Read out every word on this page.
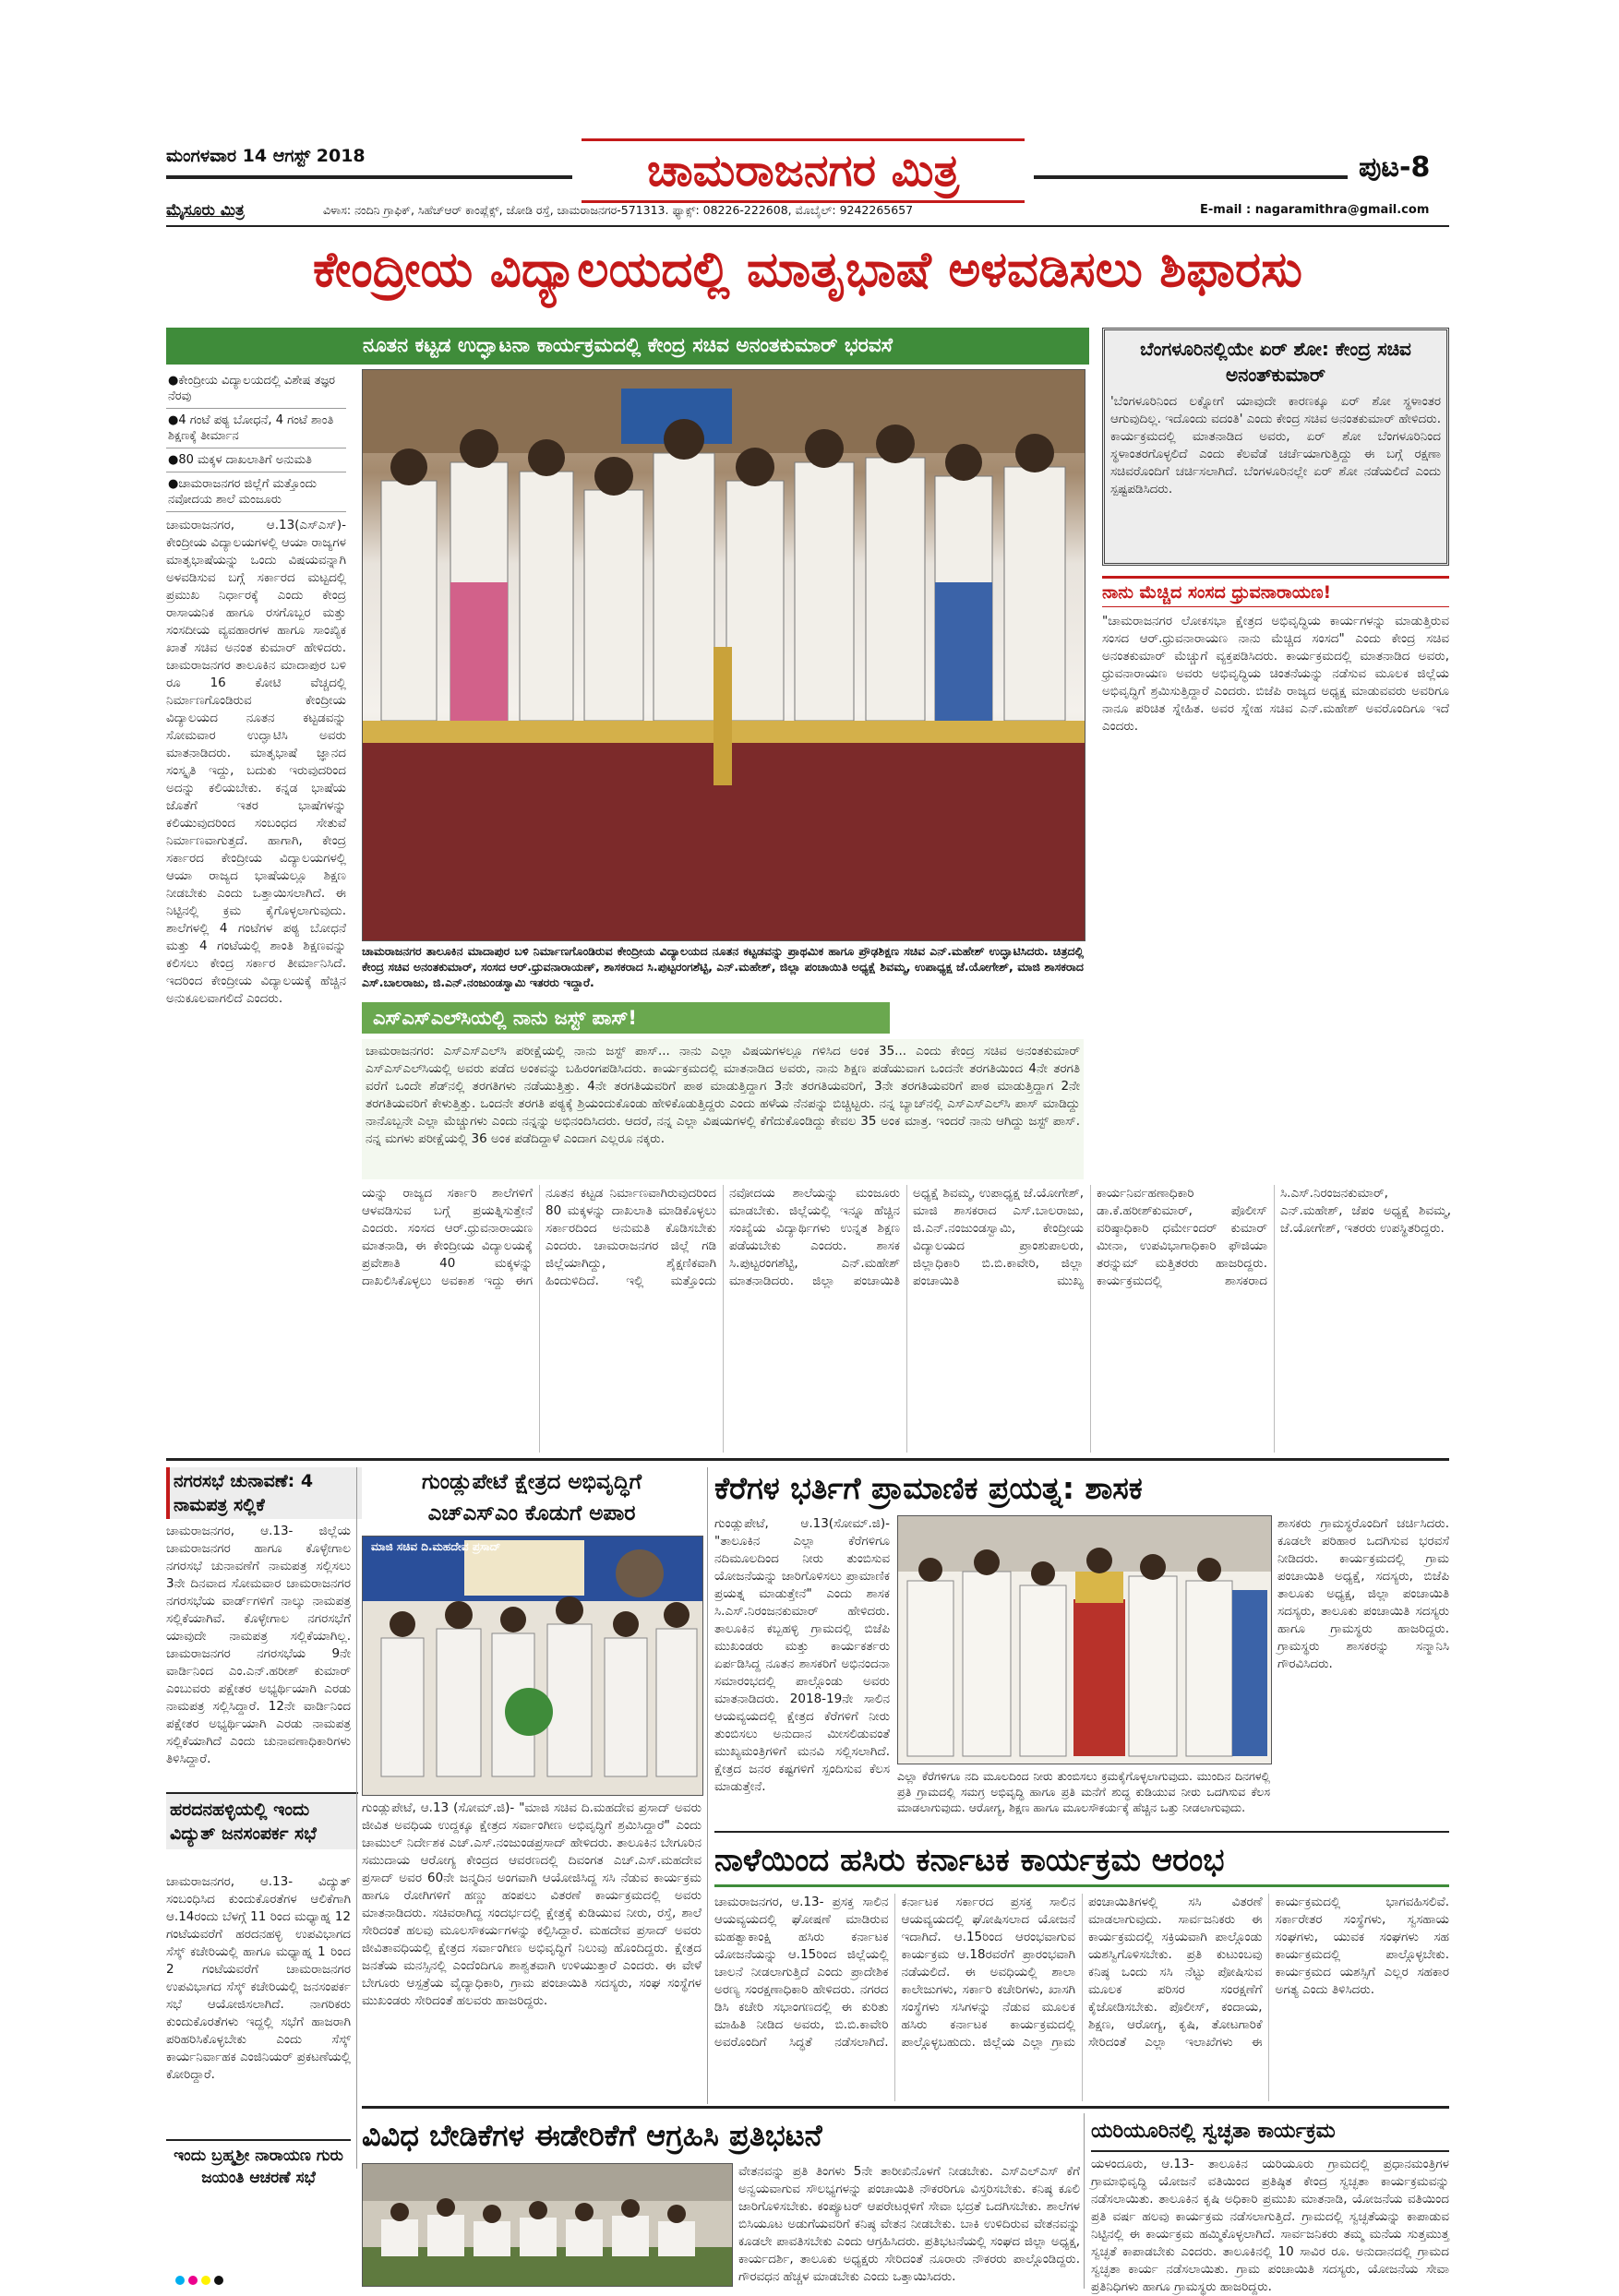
ಮಂಗಳವಾರ 14 ಆಗಸ್ಟ್ 2018	ಚಾಮರಾಜನಗರ ಮಿತ್ರ	ಪುಟ-8
ಮೈಸೂರು ಮಿತ್ರ	ವಿಳಾಸ: ನಂದಿನಿ ಗ್ರಾಫಿಕ್, ಸಿಹೆಚ್‍ಆರ್ ಕಾಂಪ್ಲೆಕ್ಸ್, ಜೋಡಿ ರಸ್ತೆ, ಚಾಮರಾಜನಗರ-571313. ಫ್ಯಾಕ್ಸ್: 08226-222608, ಮೊಬೈಲ್: 9242265657	E-mail : nagaramithra@gmail.com
ಕೇಂದ್ರೀಯ ವಿದ್ಯಾಲಯದಲ್ಲಿ ಮಾತೃಭಾಷೆ ಅಳವಡಿಸಲು ಶಿಫಾರಸು
ನೂತನ ಕಟ್ಟಡ ಉದ್ಘಾಟನಾ ಕಾರ್ಯಕ್ರಮದಲ್ಲಿ ಕೇಂದ್ರ ಸಚಿವ ಅನಂತಕುಮಾರ್ ಭರವಸೆ
●ಕೇಂದ್ರೀಯ ವಿದ್ಯಾಲಯದಲ್ಲಿ ವಿಶೇಷ ತಜ್ಞರ ನೆರವು
●4 ಗಂಟೆ ಪಠ್ಯ ಬೋಧನೆ, 4 ಗಂಟೆ ಶಾಂತಿ ಶಿಕ್ಷಣಕ್ಕೆ ತೀರ್ಮಾನ
●80 ಮಕ್ಕಳ ದಾಖಲಾತಿಗೆ ಅನುಮತಿ
●ಚಾಮರಾಜನಗರ ಜಿಲ್ಲೆಗೆ ಮತ್ತೊಂದು ನವೋದಯ ಶಾಲೆ ಮಂಜೂರು
ಚಾಮರಾಜನಗರ, ಆ.13(ಎಸ್‍ಎಸ್)- ಕೇಂದ್ರೀಯ ವಿದ್ಯಾಲಯಗಳಲ್ಲಿ ಆಯಾ ರಾಜ್ಯಗಳ ಮಾತೃಭಾಷೆಯನ್ನು ಒಂದು ವಿಷಯವನ್ನಾಗಿ ಅಳವಡಿಸುವ ಬಗ್ಗೆ ಸರ್ಕಾರದ ಮಟ್ಟದಲ್ಲಿ ಪ್ರಮುಖ ನಿರ್ಧಾರಕ್ಕೆ ಎಂದು ಕೇಂದ್ರ ರಾಸಾಯನಿಕ ಹಾಗೂ ರಸಗೊಬ್ಬರ ಮತ್ತು ಸಂಸದೀಯ ವ್ಯವಹಾರಗಳ ಹಾಗೂ ಸಾಂಖ್ಯಿಕ ಖಾತೆ ಸಚಿವ ಅನಂತ ಕುಮಾರ್ ಹೇಳಿದರು. ಚಾಮರಾಜನಗರ ತಾಲೂಕಿನ ಮಾದಾಪುರ ಬಳಿ ರೂ 16 ಕೋಟಿ ವೆಚ್ಚದಲ್ಲಿ ನಿರ್ಮಾಣಗೊಂಡಿರುವ ಕೇಂದ್ರೀಯ ವಿದ್ಯಾಲಯದ ನೂತನ ಕಟ್ಟಡವನ್ನು ಸೋಮವಾರ ಉದ್ಘಾಟಿಸಿ ಅವರು ಮಾತನಾಡಿದರು. ಮಾತೃಭಾಷೆ ಜ್ಞಾನದ ಸಂಸ್ಕೃತಿ ಇದ್ದು, ಬದುಕು ಇರುವುದರಿಂದ ಅದನ್ನು ಕಲಿಯಬೇಕು. ಕನ್ನಡ ಭಾಷೆಯ ಜೊತೆಗೆ ಇತರ ಭಾಷೆಗಳನ್ನು ಕಲಿಯುವುದರಿಂದ ಸಂಬಂಧದ ಸೇತುವೆ ನಿರ್ಮಾಣವಾಗುತ್ತದೆ. ಹಾಗಾಗಿ, ಕೇಂದ್ರ ಸರ್ಕಾರದ ಕೇಂದ್ರೀಯ ವಿದ್ಯಾಲಯಗಳಲ್ಲಿ ಆಯಾ ರಾಜ್ಯದ ಭಾಷೆಯಲ್ಲೂ ಶಿಕ್ಷಣ ನೀಡಬೇಕು ಎಂದು ಒತ್ತಾಯಿಸಲಾಗಿದೆ. ಈ ನಿಟ್ಟಿನಲ್ಲಿ ಕ್ರಮ ಕೈಗೊಳ್ಳಲಾಗುವುದು. ಶಾಲೆಗಳಲ್ಲಿ 4 ಗಂಟೆಗಳ ಪಠ್ಯ ಬೋಧನೆ ಮತ್ತು 4 ಗಂಟೆಯಲ್ಲಿ ಶಾಂತಿ ಶಿಕ್ಷಣವನ್ನು ಕಲಿಸಲು ಕೇಂದ್ರ ಸರ್ಕಾರ ತೀರ್ಮಾನಿಸಿದೆ. ಇದರಿಂದ ಕೇಂದ್ರೀಯ ವಿದ್ಯಾಲಯಕ್ಕೆ ಹೆಚ್ಚಿನ ಅನುಕೂಲವಾಗಲಿದೆ ಎಂದರು.
ಚಾಮರಾಜನಗರ ತಾಲೂಕಿನ ಮಾದಾಪುರ ಬಳಿ ನಿರ್ಮಾಣಗೊಂಡಿರುವ ಕೇಂದ್ರೀಯ ವಿದ್ಯಾಲಯದ ನೂತನ ಕಟ್ಟಡವನ್ನು ಪ್ರಾಥಮಿಕ ಹಾಗೂ ಪ್ರೌಢಶಿಕ್ಷಣ ಸಚಿವ ಎನ್.ಮಹೇಶ್ ಉದ್ಘಾಟಿಸಿದರು. ಚಿತ್ರದಲ್ಲಿ ಕೇಂದ್ರ ಸಚಿವ ಅನಂತಕುಮಾರ್, ಸಂಸದ ಆರ್.ಧ್ರುವನಾರಾಯಣ್, ಶಾಸಕರಾದ ಸಿ.ಪುಟ್ಟರಂಗಶೆಟ್ಟಿ, ಎನ್.ಮಹೇಶ್, ಜಿಲ್ಲಾ ಪಂಚಾಯಿತಿ ಅಧ್ಯಕ್ಷೆ ಶಿವಮ್ಮ, ಉಪಾಧ್ಯಕ್ಷ ಜೆ.ಯೋಗೇಶ್, ಮಾಜಿ ಶಾಸಕರಾದ ಎಸ್.ಬಾಲರಾಜು, ಜಿ.ಎನ್.ನಂಜುಂಡಸ್ವಾಮಿ ಇತರರು ಇದ್ದಾರೆ.
ಎಸ್‍ಎಸ್‍ಎಲ್‍ಸಿಯಲ್ಲಿ ನಾನು ಜಸ್ಟ್ ಪಾಸ್!
ಚಾಮರಾಜನಗರ: ಎಸ್‍ಎಸ್‍ಎಲ್‍ಸಿ ಪರೀಕ್ಷೆಯಲ್ಲಿ ನಾನು ಜಸ್ಟ್ ಪಾಸ್... ನಾನು ಎಲ್ಲಾ ವಿಷಯಗಳಲ್ಲೂ ಗಳಿಸಿದ ಅಂಕ 35... ಎಂದು ಕೇಂದ್ರ ಸಚಿವ ಅನಂತಕುಮಾರ್ ಎಸ್‍ಎಸ್‍ಎಲ್‍ಸಿಯಲ್ಲಿ ಅವರು ಪಡೆದ ಅಂಕವನ್ನು ಬಹಿರಂಗಪಡಿಸಿದರು. ಕಾರ್ಯಕ್ರಮದಲ್ಲಿ ಮಾತನಾಡಿದ ಅವರು, ನಾನು ಶಿಕ್ಷಣ ಪಡೆಯುವಾಗ ಒಂದನೇ ತರಗತಿಯಿಂದ 4ನೇ ತರಗತಿ ವರೆಗೆ ಒಂದೇ ಶೆಡ್‍ನಲ್ಲಿ ತರಗತಿಗಳು ನಡೆಯುತ್ತಿತ್ತು. 4ನೇ ತರಗತಿಯವರಿಗೆ ಪಾಠ ಮಾಡುತ್ತಿದ್ದಾಗ 3ನೇ ತರಗತಿಯವರಿಗೆ, 3ನೇ ತರಗತಿಯವರಿಗೆ ಪಾಠ ಮಾಡುತ್ತಿದ್ದಾಗ 2ನೇ ತರಗತಿಯವರಿಗೆ ಕೇಳುತ್ತಿತ್ತು. ಒಂದನೇ ತರಗತಿ ಪಠ್ಯಕ್ಕೆ ಶ್ರಿಯಂದುಕೊಂಡು ಹೇಳಿಕೊಡುತ್ತಿದ್ದರು ಎಂದು ಹಳೆಯ ನೆನಪನ್ನು ಬಿಚ್ಚಿಟ್ಟರು. ನನ್ನ ಬ್ಯಾಚ್‍ನಲ್ಲಿ ಎಸ್‍ಎಸ್‍ಎಲ್‍ಸಿ ಪಾಸ್ ಮಾಡಿದ್ದು ನಾನೊಬ್ಬನೇ ಎಲ್ಲಾ ಮೆಚ್ಚುಗಳು ಎಂದು ನನ್ನನ್ನು ಅಭಿನಂದಿಸಿದರು. ಆದರೆ, ನನ್ನ ಎಲ್ಲಾ ವಿಷಯಗಳಲ್ಲಿ ಕೆಗೆದುಕೊಂಡಿದ್ದು ಕೇವಲ 35 ಅಂಕ ಮಾತ್ರ. ಇಂದರೆ ನಾನು ಆಗಿದ್ದು ಜಸ್ಟ್ ಪಾಸ್. ನನ್ನ ಮಗಳು ಪರೀಕ್ಷೆಯಲ್ಲಿ 36 ಅಂಕ ಪಡೆದಿದ್ದಾಳೆ ಎಂದಾಗ ಎಲ್ಲರೂ ನಕ್ಕರು.
ಯನ್ನು ರಾಜ್ಯದ ಸರ್ಕಾರಿ ಶಾಲೆಗಳಿಗೆ ಆಳವಡಿಸುವ ಬಗ್ಗೆ ಪ್ರಯತ್ನಿಸುತ್ತೇನೆ ಎಂದರು. ಸಂಸದ ಆರ್.ಧ್ರುವನಾರಾಯಣ ಮಾತನಾಡಿ, ಈ ಕೇಂದ್ರೀಯ ವಿದ್ಯಾಲಯಕ್ಕೆ ಪ್ರವೇಶಾತಿ 40 ಮಕ್ಕಳನ್ನು ದಾಖಲಿಸಿಕೊಳ್ಳಲು ಅವಕಾಶ ಇದ್ದು ಈಗ ನೂತನ ಕಟ್ಟಡ ನಿರ್ಮಾಣವಾಗಿರುವುದರಿಂದ 80 ಮಕ್ಕಳನ್ನು ದಾಖಲಾತಿ ಮಾಡಿಕೊಳ್ಳಲು ಸರ್ಕಾರದಿಂದ ಅನುಮತಿ ಕೊಡಿಸಬೇಕು ಎಂದರು. ಚಾಮರಾಜನಗರ ಜಿಲ್ಲೆ ಗಡಿ ಜಿಲ್ಲೆಯಾಗಿದ್ದು, ಶೈಕ್ಷಣಿಕವಾಗಿ ಹಿಂದುಳಿದಿದೆ. ಇಲ್ಲಿ ಮತ್ತೊಂದು ನವೋದಯ ಶಾಲೆಯನ್ನು ಮಂಜೂರು ಮಾಡಬೇಕು. ಜಿಲ್ಲೆಯಲ್ಲಿ ಇನ್ನೂ ಹೆಚ್ಚಿನ ಸಂಖ್ಯೆಯ ವಿದ್ಯಾರ್ಥಿಗಳು ಉನ್ನತ ಶಿಕ್ಷಣ ಪಡೆಯಬೇಕು ಎಂದರು. ಶಾಸಕ ಸಿ.ಪುಟ್ಟರಂಗಶೆಟ್ಟಿ, ಎನ್.ಮಹೇಶ್ ಮಾತನಾಡಿದರು. ಜಿಲ್ಲಾ ಪಂಚಾಯಿತಿ ಅಧ್ಯಕ್ಷೆ ಶಿವಮ್ಮ, ಉಪಾಧ್ಯಕ್ಷ ಜೆ.ಯೋಗೇಶ್, ಮಾಜಿ ಶಾಸಕರಾದ ಎಸ್.ಬಾಲರಾಜು, ಜಿ.ಎನ್.ನಂಜುಂಡಸ್ವಾಮಿ, ಕೇಂದ್ರೀಯ ವಿದ್ಯಾಲಯದ ಪ್ರಾಂಶುಪಾಲರು, ಜಿಲ್ಲಾಧಿಕಾರಿ ಬಿ.ಬಿ.ಕಾವೇರಿ, ಜಿಲ್ಲಾ ಪಂಚಾಯಿತಿ ಮುಖ್ಯ ಕಾರ್ಯನಿರ್ವಹಣಾಧಿಕಾರಿ ಡಾ.ಕೆ.ಹರೀಶ್‍ಕುಮಾರ್, ಪೊಲೀಸ್ ವರಿಷ್ಠಾಧಿಕಾರಿ ಧರ್ಮೇಂದರ್ ಕುಮಾರ್ ಮೀನಾ, ಉಪವಿಭಾಗಾಧಿಕಾರಿ ಫೌಜಿಯಾ ತರನ್ನುಮ್ ಮತ್ತಿತರರು ಹಾಜರಿದ್ದರು. ಕಾರ್ಯಕ್ರಮದಲ್ಲಿ ಶಾಸಕರಾದ ಸಿ.ಎಸ್.ನಿರಂಜನಕುಮಾರ್, ಎನ್.ಮಹೇಶ್, ಜೆಪಂ ಅಧ್ಯಕ್ಷೆ ಶಿವಮ್ಮ, ಜೆ.ಯೋಗೇಶ್, ಇತರರು ಉಪಸ್ಥಿತರಿದ್ದರು.
ಬೆಂಗಳೂರಿನಲ್ಲಿಯೇ ಏರ್ ಶೋ: ಕೇಂದ್ರ ಸಚಿವ ಅನಂತ್‍ಕುಮಾರ್
'ಬೆಂಗಳೂರಿನಿಂದ ಲಕ್ನೋಗೆ ಯಾವುದೇ ಕಾರಣಕ್ಕೂ ಏರ್ ಶೋ ಸ್ಥಳಾಂತರ ಆಗುವುದಿಲ್ಲ. ಇದೊಂದು ವದಂತಿ' ಎಂದು ಕೇಂದ್ರ ಸಚಿವ ಅನಂತಕುಮಾರ್ ಹೇಳಿದರು. ಕಾರ್ಯಕ್ರಮದಲ್ಲಿ ಮಾತನಾಡಿದ ಅವರು, ಏರ್ ಶೋ ಬೆಂಗಳೂರಿನಿಂದ ಸ್ಥಳಾಂತರಗೊಳ್ಳಲಿದೆ ಎಂದು ಕೆಲವೆಡೆ ಚರ್ಚೆಯಾಗುತ್ತಿದ್ದು ಈ ಬಗ್ಗೆ ರಕ್ಷಣಾ ಸಚಿವರೊಂದಿಗೆ ಚರ್ಚಿಸಲಾಗಿದೆ. ಬೆಂಗಳೂರಿನಲ್ಲೇ ಏರ್ ಶೋ ನಡೆಯಲಿದೆ ಎಂದು ಸ್ಪಷ್ಟಪಡಿಸಿದರು.
ನಾನು ಮೆಚ್ಚಿದ ಸಂಸದ ಧ್ರುವನಾರಾಯಣ!
"ಚಾಮರಾಜನಗರ ಲೋಕಸಭಾ ಕ್ಷೇತ್ರದ ಅಭಿವೃದ್ಧಿಯ ಕಾರ್ಯಗಳನ್ನು ಮಾಡುತ್ತಿರುವ ಸಂಸದ ಆರ್.ಧ್ರುವನಾರಾಯಣ ನಾನು ಮೆಚ್ಚಿದ ಸಂಸದ" ಎಂದು ಕೇಂದ್ರ ಸಚಿವ ಅನಂತಕುಮಾರ್ ಮೆಚ್ಚುಗೆ ವ್ಯಕ್ತಪಡಿಸಿದರು. ಕಾರ್ಯಕ್ರಮದಲ್ಲಿ ಮಾತನಾಡಿದ ಅವರು, ಧ್ರುವನಾರಾಯಣ ಅವರು ಅಭಿವೃದ್ಧಿಯ ಚಿಂತನೆಯನ್ನು ನಡೆಸುವ ಮೂಲಕ ಜಿಲ್ಲೆಯ ಅಭಿವೃದ್ಧಿಗೆ ಶ್ರಮಿಸುತ್ತಿದ್ದಾರೆ ಎಂದರು. ಬಿಜೆಪಿ ರಾಜ್ಯದ ಅಧ್ಯಕ್ಷ ಮಾಡುವವರು ಅವರಿಗೂ ನಾನೂ ಪರಿಚಿತ ಸ್ನೇಹಿತ. ಅವರ ಸ್ನೇಹ ಸಚಿವ ಎನ್.ಮಹೇಶ್ ಅವರೊಂದಿಗೂ ಇದೆ ಎಂದರು.
ನಗರಸಭೆ ಚುನಾವಣೆ: 4 ನಾಮಪತ್ರ ಸಲ್ಲಿಕೆ
ಚಾಮರಾಜನಗರ, ಆ.13- ಜಿಲ್ಲೆಯ ಚಾಮರಾಜನಗರ ಹಾಗೂ ಕೊಳ್ಳೇಗಾಲ ನಗರಸಭೆ ಚುನಾವಣೆಗೆ ನಾಮಪತ್ರ ಸಲ್ಲಿಸಲು 3ನೇ ದಿನವಾದ ಸೋಮವಾರ ಚಾಮರಾಜನಗರ ನಗರಸಭೆಯ ವಾರ್ಡ್‍ಗಳಿಗೆ ನಾಲ್ಕು ನಾಮಪತ್ರ ಸಲ್ಲಿಕೆಯಾಗಿವೆ. ಕೊಳ್ಳೇಗಾಲ ನಗರಸಭೆಗೆ ಯಾವುದೇ ನಾಮಪತ್ರ ಸಲ್ಲಿಕೆಯಾಗಿಲ್ಲ. ಚಾಮರಾಜನಗರ ನಗರಸಭೆಯ 9ನೇ ವಾರ್ಡಿನಿಂದ ಎಂ.ಎನ್.ಹರೀಶ್ ಕುಮಾರ್ ಎಂಬುವರು ಪಕ್ಷೇತರ ಅಭ್ಯರ್ಥಿಯಾಗಿ ಎರಡು ನಾಮಪತ್ರ ಸಲ್ಲಿಸಿದ್ದಾರೆ. 12ನೇ ವಾರ್ಡಿನಿಂದ ಪಕ್ಷೇತರ ಅಭ್ಯರ್ಥಿಯಾಗಿ ಎರಡು ನಾಮಪತ್ರ ಸಲ್ಲಿಕೆಯಾಗಿದೆ ಎಂದು ಚುನಾವಣಾಧಿಕಾರಿಗಳು ತಿಳಿಸಿದ್ದಾರೆ.
ಹರದನಹಳ್ಳಿಯಲ್ಲಿ ಇಂದು ವಿದ್ಯುತ್ ಜನಸಂಪರ್ಕ ಸಭೆ
ಚಾಮರಾಜನಗರ, ಆ.13- ವಿದ್ಯುತ್ ಸಂಬಂಧಿಸಿದ ಕುಂದುಕೊರತೆಗಳ ಆಲಿಕೆಗಾಗಿ ಆ.14ರಂದು ಬೆಳಗ್ಗೆ 11 ರಿಂದ ಮಧ್ಯಾಹ್ನ 12 ಗಂಟೆಯವರೆಗೆ ಹರದನಹಳ್ಳಿ ಉಪವಿಭಾಗದ ಸೆಸ್ಕ್ ಕಚೇರಿಯಲ್ಲಿ ಹಾಗೂ ಮಧ್ಯಾಹ್ನ 1 ರಿಂದ 2 ಗಂಟೆಯವರೆಗೆ ಚಾಮರಾಜನಗರ ಉಪವಿಭಾಗದ ಸೆಸ್ಕ್ ಕಚೇರಿಯಲ್ಲಿ ಜನಸಂಪರ್ಕ ಸಭೆ ಆಯೋಜಿಸಲಾಗಿದೆ. ನಾಗರಿಕರು ಕುಂದುಕೊರತೆಗಳು ಇದ್ದಲ್ಲಿ ಸಭೆಗೆ ಹಾಜರಾಗಿ ಪರಿಹರಿಸಿಕೊಳ್ಳಬೇಕು ಎಂದು ಸೆಸ್ಕ್ ಕಾರ್ಯನಿರ್ವಾಹಕ ಎಂಜಿನಿಯರ್ ಪ್ರಕಟಣೆಯಲ್ಲಿ ಕೋರಿದ್ದಾರೆ.
ಇಂದು ಬ್ರಹ್ಮಶ್ರೀ ನಾರಾಯಣ ಗುರು ಜಯಂತಿ ಆಚರಣೆ ಸಭೆ
ಗುಂಡ್ಲುಪೇಟೆ ಕ್ಷೇತ್ರದ ಅಭಿವೃದ್ಧಿಗೆ
ಎಚ್‍ಎಸ್‍ಎಂ ಕೊಡುಗೆ ಅಪಾರ
ಮಾಜಿ ಸಚಿವ ದಿ.ಮಹದೇವ ಪ್ರಸಾದ್
ಗುಂಡ್ಲುಪೇಟೆ, ಆ.13 (ಸೋಮ್.ಜಿ)- "ಮಾಜಿ ಸಚಿವ ದಿ.ಮಹದೇವ ಪ್ರಸಾದ್ ಅವರು ಜೀವಿತ ಅವಧಿಯ ಉದ್ದಕ್ಕೂ ಕ್ಷೇತ್ರದ ಸರ್ವಾಂಗೀಣ ಅಭಿವೃದ್ಧಿಗೆ ಶ್ರಮಿಸಿದ್ದಾರೆ" ಎಂದು ಚಾಮುಲ್ ನಿರ್ದೇಶಕ ಎಚ್.ಎಸ್.ನಂಜುಂಡಪ್ರಸಾದ್ ಹೇಳಿದರು. ತಾಲೂಕಿನ ಬೇಗೂರಿನ ಸಮುದಾಯ ಆರೋಗ್ಯ ಕೇಂದ್ರದ ಆವರಣದಲ್ಲಿ ದಿವಂಗತ ಎಚ್.ಎಸ್.ಮಹದೇವ ಪ್ರಸಾದ್ ಅವರ 60ನೇ ಜನ್ಮದಿನ ಅಂಗವಾಗಿ ಆಯೋಜಿಸಿದ್ದ ಸಸಿ ನೆಡುವ ಕಾರ್ಯಕ್ರಮ ಹಾಗೂ ರೋಗಿಗಳಿಗೆ ಹಣ್ಣು ಹಂಪಲು ವಿತರಣೆ ಕಾರ್ಯಕ್ರಮದಲ್ಲಿ ಅವರು ಮಾತನಾಡಿದರು. ಸಚಿವರಾಗಿದ್ದ ಸಂದರ್ಭದಲ್ಲಿ ಕ್ಷೇತ್ರಕ್ಕೆ ಕುಡಿಯುವ ನೀರು, ರಸ್ತೆ, ಶಾಲೆ ಸೇರಿದಂತೆ ಹಲವು ಮೂಲಸೌಕರ್ಯಗಳನ್ನು ಕಲ್ಪಿಸಿದ್ದಾರೆ. ಮಹದೇವ ಪ್ರಸಾದ್ ಅವರು ಜೀವಿತಾವಧಿಯಲ್ಲಿ ಕ್ಷೇತ್ರದ ಸರ್ವಾಂಗೀಣ ಅಭಿವೃದ್ಧಿಗೆ ನಿಲುವು ಹೊಂದಿದ್ದರು. ಕ್ಷೇತ್ರದ ಜನತೆಯ ಮನಸ್ಸಿನಲ್ಲಿ ಎಂದೆಂದಿಗೂ ಶಾಶ್ವತವಾಗಿ ಉಳಿಯುತ್ತಾರೆ ಎಂದರು. ಈ ವೇಳೆ ಬೇಗೂರು ಆಸ್ಪತ್ರೆಯ ವೈದ್ಯಾಧಿಕಾರಿ, ಗ್ರಾಮ ಪಂಚಾಯಿತಿ ಸದಸ್ಯರು, ಸಂಘ ಸಂಸ್ಥೆಗಳ ಮುಖಂಡರು ಸೇರಿದಂತೆ ಹಲವರು ಹಾಜರಿದ್ದರು.
ಕೆರೆಗಳ ಭರ್ತಿಗೆ ಪ್ರಾಮಾಣಿಕ ಪ್ರಯತ್ನ: ಶಾಸಕ
ಗುಂಡ್ಲುಪೇಟೆ, ಆ.13(ಸೋಮ್.ಜಿ)- "ತಾಲೂಕಿನ ಎಲ್ಲಾ ಕೆರೆಗಳಿಗೂ ನದಿಮೂಲದಿಂದ ನೀರು ತುಂಬಿಸುವ ಯೋಜನೆಯನ್ನು ಜಾರಿಗೊಳಿಸಲು ಪ್ರಾಮಾಣಿಕ ಪ್ರಯತ್ನ ಮಾಡುತ್ತೇನೆ" ಎಂದು ಶಾಸಕ ಸಿ.ಎಸ್.ನಿರಂಜನಕುಮಾರ್ ಹೇಳಿದರು. ತಾಲೂಕಿನ ಕಬ್ಬಹಳ್ಳಿ ಗ್ರಾಮದಲ್ಲಿ ಬಿಜೆಪಿ ಮುಖಂಡರು ಮತ್ತು ಕಾರ್ಯಕರ್ತರು ಏರ್ಪಡಿಸಿದ್ದ ನೂತನ ಶಾಸಕರಿಗೆ ಅಭಿನಂದನಾ ಸಮಾರಂಭದಲ್ಲಿ ಪಾಲ್ಗೊಂಡು ಅವರು ಮಾತನಾಡಿದರು. 2018-19ನೇ ಸಾಲಿನ ಆಯವ್ಯಯದಲ್ಲಿ ಕ್ಷೇತ್ರದ ಕೆರೆಗಳಿಗೆ ನೀರು ತುಂಬಿಸಲು ಅನುದಾನ ಮೀಸಲಿಡುವಂತೆ ಮುಖ್ಯಮಂತ್ರಿಗಳಿಗೆ ಮನವಿ ಸಲ್ಲಿಸಲಾಗಿದೆ. ಕ್ಷೇತ್ರದ ಜನರ ಕಷ್ಟಗಳಿಗೆ ಸ್ಪಂದಿಸುವ ಕೆಲಸ ಮಾಡುತ್ತೇನೆ.
ಎಲ್ಲಾ ಕೆರೆಗಳಿಗೂ ನದಿ ಮೂಲದಿಂದ ನೀರು ತುಂಬಿಸಲು ಕ್ರಮಕೈಗೊಳ್ಳಲಾಗುವುದು. ಮುಂದಿನ ದಿನಗಳಲ್ಲಿ ಪ್ರತಿ ಗ್ರಾಮದಲ್ಲಿ ಸಮಗ್ರ ಅಭಿವೃದ್ಧಿ ಹಾಗೂ ಪ್ರತಿ ಮನೆಗೆ ಶುದ್ಧ ಕುಡಿಯುವ ನೀರು ಒದಗಿಸುವ ಕೆಲಸ ಮಾಡಲಾಗುವುದು. ಆರೋಗ್ಯ, ಶಿಕ್ಷಣ ಹಾಗೂ ಮೂಲಸೌಕರ್ಯಕ್ಕೆ ಹೆಚ್ಚಿನ ಒತ್ತು ನೀಡಲಾಗುವುದು.
ಶಾಸಕರು ಗ್ರಾಮಸ್ಥರೊಂದಿಗೆ ಚರ್ಚಿಸಿದರು. ಕೂಡಲೇ ಪರಿಹಾರ ಒದಗಿಸುವ ಭರವಸೆ ನೀಡಿದರು. ಕಾರ್ಯಕ್ರಮದಲ್ಲಿ ಗ್ರಾಮ ಪಂಚಾಯಿತಿ ಅಧ್ಯಕ್ಷೆ, ಸದಸ್ಯರು, ಬಿಜೆಪಿ ತಾಲೂಕು ಅಧ್ಯಕ್ಷ, ಜಿಲ್ಲಾ ಪಂಚಾಯಿತಿ ಸದಸ್ಯರು, ತಾಲೂಕು ಪಂಚಾಯಿತಿ ಸದಸ್ಯರು ಹಾಗೂ ಗ್ರಾಮಸ್ಥರು ಹಾಜರಿದ್ದರು. ಗ್ರಾಮಸ್ಥರು ಶಾಸಕರನ್ನು ಸನ್ಮಾನಿಸಿ ಗೌರವಿಸಿದರು.
ನಾಳೆಯಿಂದ ಹಸಿರು ಕರ್ನಾಟಕ ಕಾರ್ಯಕ್ರಮ ಆರಂಭ
ಚಾಮರಾಜನಗರ, ಆ.13- ಪ್ರಸಕ್ತ ಸಾಲಿನ ಆಯವ್ಯಯದಲ್ಲಿ ಘೋಷಣೆ ಮಾಡಿರುವ ಮಹತ್ವಾಕಾಂಕ್ಷಿ ಹಸಿರು ಕರ್ನಾಟಕ ಯೋಜನೆಯನ್ನು ಆ.15ರಿಂದ ಜಿಲ್ಲೆಯಲ್ಲಿ ಚಾಲನೆ ನೀಡಲಾಗುತ್ತಿದೆ ಎಂದು ಪ್ರಾದೇಶಿಕ ಅರಣ್ಯ ಸಂರಕ್ಷಣಾಧಿಕಾರಿ ಹೇಳಿದರು. ನಗರದ ಡಿಸಿ ಕಚೇರಿ ಸಭಾಂಗಣದಲ್ಲಿ ಈ ಕುರಿತು ಮಾಹಿತಿ ನೀಡಿದ ಅವರು, ಬಿ.ಬಿ.ಕಾವೇರಿ ಅವರೊಂದಿಗೆ ಸಿದ್ಧತೆ ನಡೆಸಲಾಗಿದೆ. ಕರ್ನಾಟಕ ಸರ್ಕಾರದ ಪ್ರಸಕ್ತ ಸಾಲಿನ ಆಯವ್ಯಯದಲ್ಲಿ ಘೋಷಿಸಲಾದ ಯೋಜನೆ ಇದಾಗಿದೆ. ಆ.15ರಿಂದ ಆರಂಭವಾಗುವ ಕಾರ್ಯಕ್ರಮ ಆ.18ರವರೆಗೆ ಪ್ರಾರಂಭವಾಗಿ ನಡೆಯಲಿದೆ. ಈ ಅವಧಿಯಲ್ಲಿ ಶಾಲಾ ಕಾಲೇಜುಗಳು, ಸರ್ಕಾರಿ ಕಚೇರಿಗಳು, ಖಾಸಗಿ ಸಂಸ್ಥೆಗಳು ಸಸಿಗಳನ್ನು ನೆಡುವ ಮೂಲಕ ಹಸಿರು ಕರ್ನಾಟಕ ಕಾರ್ಯಕ್ರಮದಲ್ಲಿ ಪಾಲ್ಗೊಳ್ಳಬಹುದು. ಜಿಲ್ಲೆಯ ಎಲ್ಲಾ ಗ್ರಾಮ ಪಂಚಾಯಿತಿಗಳಲ್ಲಿ ಸಸಿ ವಿತರಣೆ ಮಾಡಲಾಗುವುದು. ಸಾರ್ವಜನಿಕರು ಈ ಕಾರ್ಯಕ್ರಮದಲ್ಲಿ ಸಕ್ರಿಯವಾಗಿ ಪಾಲ್ಗೊಂಡು ಯಶಸ್ವಿಗೊಳಿಸಬೇಕು. ಪ್ರತಿ ಕುಟುಂಬವು ಕನಿಷ್ಠ ಒಂದು ಸಸಿ ನೆಟ್ಟು ಪೋಷಿಸುವ ಮೂಲಕ ಪರಿಸರ ಸಂರಕ್ಷಣೆಗೆ ಕೈಜೋಡಿಸಬೇಕು. ಪೊಲೀಸ್, ಕಂದಾಯ, ಶಿಕ್ಷಣ, ಆರೋಗ್ಯ, ಕೃಷಿ, ತೋಟಗಾರಿಕೆ ಸೇರಿದಂತೆ ಎಲ್ಲಾ ಇಲಾಖೆಗಳು ಈ ಕಾರ್ಯಕ್ರಮದಲ್ಲಿ ಭಾಗವಹಿಸಲಿವೆ. ಸರ್ಕಾರೇತರ ಸಂಸ್ಥೆಗಳು, ಸ್ವಸಹಾಯ ಸಂಘಗಳು, ಯುವಕ ಸಂಘಗಳು ಸಹ ಕಾರ್ಯಕ್ರಮದಲ್ಲಿ ಪಾಲ್ಗೊಳ್ಳಬೇಕು. ಕಾರ್ಯಕ್ರಮದ ಯಶಸ್ಸಿಗೆ ಎಲ್ಲರ ಸಹಕಾರ ಅಗತ್ಯ ಎಂದು ತಿಳಿಸಿದರು.
ವಿವಿಧ ಬೇಡಿಕೆಗಳ ಈಡೇರಿಕೆಗೆ ಆಗ್ರಹಿಸಿ ಪ್ರತಿಭಟನೆ
ವೇತನವನ್ನು ಪ್ರತಿ ತಿಂಗಳು 5ನೇ ತಾರೀಖಿನೊಳಗೆ ನೀಡಬೇಕು. ಎಸ್‍ಎಲ್‍ಎಸ್ ಕೆಗೆ ಅನ್ವಯವಾಗುವ ಸೌಲಭ್ಯಗಳನ್ನು ಪಂಚಾಯಿತಿ ನೌಕರರಿಗೂ ವಿಸ್ತರಿಸಬೇಕು. ಕನಿಷ್ಠ ಕೂಲಿ ಜಾರಿಗೊಳಿಸಬೇಕು. ಕಂಪ್ಯೂಟರ್ ಆಪರೇಟರ್‍ಗಳಿಗೆ ಸೇವಾ ಭದ್ರತೆ ಒದಗಿಸಬೇಕು. ಶಾಲೆಗಳ ಬಿಸಿಯೂಟ ಅಡುಗೆಯವರಿಗೆ ಕನಿಷ್ಠ ವೇತನ ನೀಡಬೇಕು. ಬಾಕಿ ಉಳಿದಿರುವ ವೇತನವನ್ನು ಕೂಡಲೇ ಪಾವತಿಸಬೇಕು ಎಂದು ಆಗ್ರಹಿಸಿದರು. ಪ್ರತಿಭಟನೆಯಲ್ಲಿ ಸಂಘದ ಜಿಲ್ಲಾ ಅಧ್ಯಕ್ಷ, ಕಾರ್ಯದರ್ಶಿ, ತಾಲೂಕು ಅಧ್ಯಕ್ಷರು ಸೇರಿದಂತೆ ನೂರಾರು ನೌಕರರು ಪಾಲ್ಗೊಂಡಿದ್ದರು. ಗೌರವಧನ ಹೆಚ್ಚಳ ಮಾಡಬೇಕು ಎಂದು ಒತ್ತಾಯಿಸಿದರು.
ಯರಿಯೂರಿನಲ್ಲಿ ಸ್ವಚ್ಛತಾ ಕಾರ್ಯಕ್ರಮ
ಯಳಂದೂರು, ಆ.13- ತಾಲೂಕಿನ ಯರಿಯೂರು ಗ್ರಾಮದಲ್ಲಿ ಪ್ರಧಾನಮಂತ್ರಿಗಳ ಗ್ರಾಮಾಭಿವೃದ್ಧಿ ಯೋಜನೆ ವತಿಯಿಂದ ಪ್ರತಿಷ್ಠಿತ ಕೇಂದ್ರ ಸ್ವಚ್ಛತಾ ಕಾರ್ಯಕ್ರಮವನ್ನು ನಡೆಸಲಾಯಿತು. ತಾಲೂಕಿನ ಕೃಷಿ ಅಧಿಕಾರಿ ಪ್ರಮುಖ ಮಾತನಾಡಿ, ಯೋಜನೆಯ ವತಿಯಿಂದ ಪ್ರತಿ ವರ್ಷ ಹಲವು ಕಾರ್ಯಕ್ರಮ ನಡೆಸಲಾಗುತ್ತಿದೆ. ಗ್ರಾಮದಲ್ಲಿ ಸ್ವಚ್ಛತೆಯನ್ನು ಕಾಪಾಡುವ ನಿಟ್ಟಿನಲ್ಲಿ ಈ ಕಾರ್ಯಕ್ರಮ ಹಮ್ಮಿಕೊಳ್ಳಲಾಗಿದೆ. ಸಾರ್ವಜನಿಕರು ತಮ್ಮ ಮನೆಯ ಸುತ್ತಮುತ್ತ ಸ್ವಚ್ಛತೆ ಕಾಪಾಡಬೇಕು ಎಂದರು. ತಾಲೂಕಿನಲ್ಲಿ 10 ಸಾವಿರ ರೂ. ಅನುದಾನದಲ್ಲಿ ಗ್ರಾಮದ ಸ್ವಚ್ಛತಾ ಕಾರ್ಯ ನಡೆಸಲಾಯಿತು. ಗ್ರಾಮ ಪಂಚಾಯಿತಿ ಸದಸ್ಯರು, ಯೋಜನೆಯ ಸೇವಾ ಪ್ರತಿನಿಧಿಗಳು ಹಾಗೂ ಗ್ರಾಮಸ್ಥರು ಹಾಜರಿದ್ದರು.
